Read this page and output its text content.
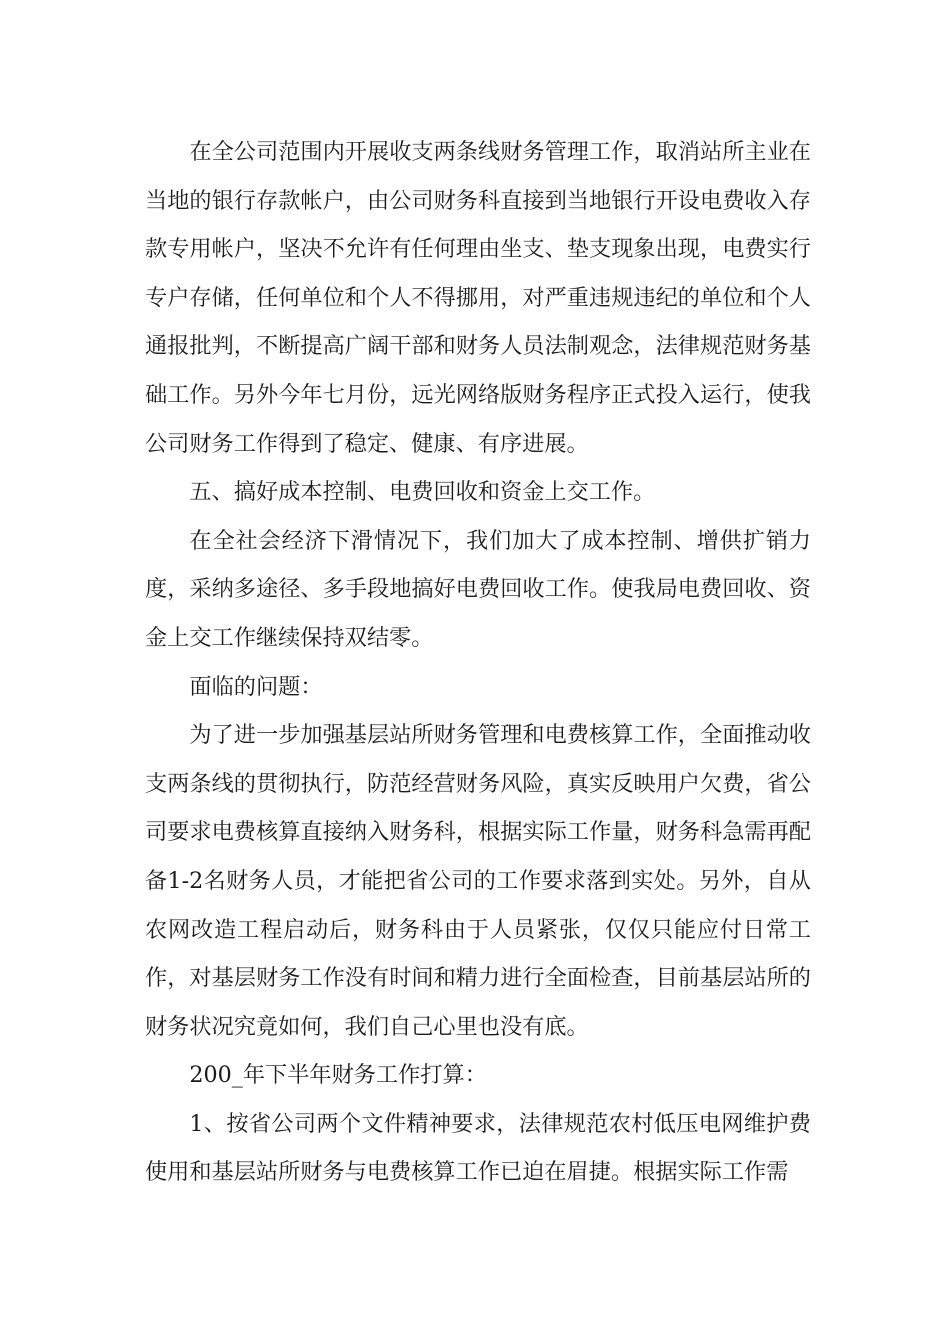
在全公司范围内开展收支两条线财务管理工作，取消站所主业在当地的银行存款帐户，由公司财务科直接到当地银行开设电费收入存款专用帐户，坚决不允许有任何理由坐支、垫支现象出现，电费实行专户存储，任何单位和个人不得挪用，对严重违规违纪的单位和个人通报批判，不断提高广阔干部和财务人员法制观念，法律规范财务基础工作。另外今年七月份，远光网络版财务程序正式投入运行，使我公司财务工作得到了稳定、健康、有序进展。

五、搞好成本控制、电费回收和资金上交工作。

在全社会经济下滑情况下，我们加大了成本控制、增供扩销力度，采纳多途径、多手段地搞好电费回收工作。使我局电费回收、资金上交工作继续保持双结零。

面临的问题：

为了进一步加强基层站所财务管理和电费核算工作，全面推动收支两条线的贯彻执行，防范经营财务风险，真实反映用户欠费，省公司要求电费核算直接纳入财务科，根据实际工作量，财务科急需再配备1-2名财务人员，才能把省公司的工作要求落到实处。另外，自从农网改造工程启动后，财务科由于人员紧张，仅仅只能应付日常工作，对基层财务工作没有时间和精力进行全面检查，目前基层站所的财务状况究竟如何，我们自己心里也没有底。

200_年下半年财务工作打算：

1、按省公司两个文件精神要求，法律规范农村低压电网维护费使用和基层站所财务与电费核算工作已迫在眉捷。根据实际工作需
